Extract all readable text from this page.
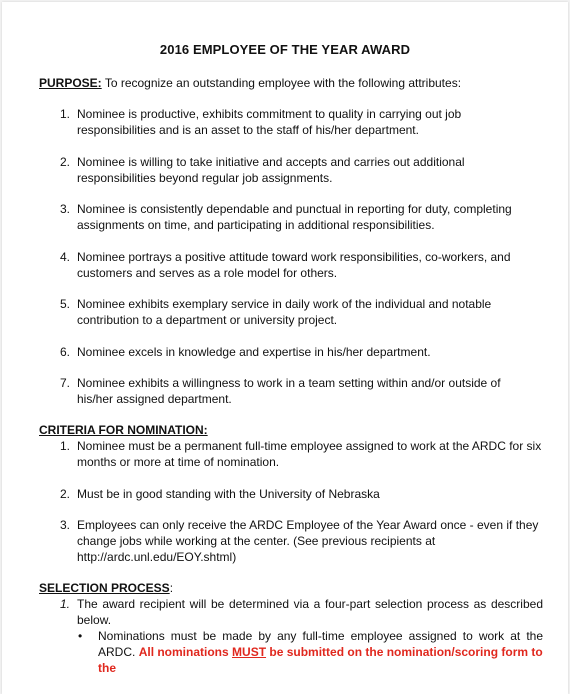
2016 EMPLOYEE OF THE YEAR AWARD
PURPOSE: To recognize an outstanding employee with the following attributes:
1. Nominee is productive, exhibits commitment to quality in carrying out job
responsibilities and is an asset to the staff of his/her department.
2. Nominee is willing to take initiative and accepts and carries out additional
responsibilities beyond regular job assignments.
3. Nominee is consistently dependable and punctual in reporting for duty, completing
assignments on time, and participating in additional responsibilities.
4. Nominee portrays a positive attitude toward work responsibilities, co-workers, and
customers and serves as a role model for others.
5. Nominee exhibits exemplary service in daily work of the individual and notable
contribution to a department or university project.
6. Nominee excels in knowledge and expertise in his/her department.
7. Nominee exhibits a willingness to work in a team setting within and/or outside of
his/her assigned department.
CRITERIA FOR NOMINATION:
1. Nominee must be a permanent full-time employee assigned to work at the ARDC for six
months or more at time of nomination.
2. Must be in good standing with the University of Nebraska
3. Employees can only receive the ARDC Employee of the Year Award once - even if they
change jobs while working at the center. (See previous recipients at
http://ardc.unl.edu/EOY.shtml)
SELECTION PROCESS:
1. The award recipient will be determined via a four-part selection process as described
below.
• Nominations must be made by any full-time employee assigned to work at the
ARDC. All nominations MUST be submitted on the nomination/scoring form to the
